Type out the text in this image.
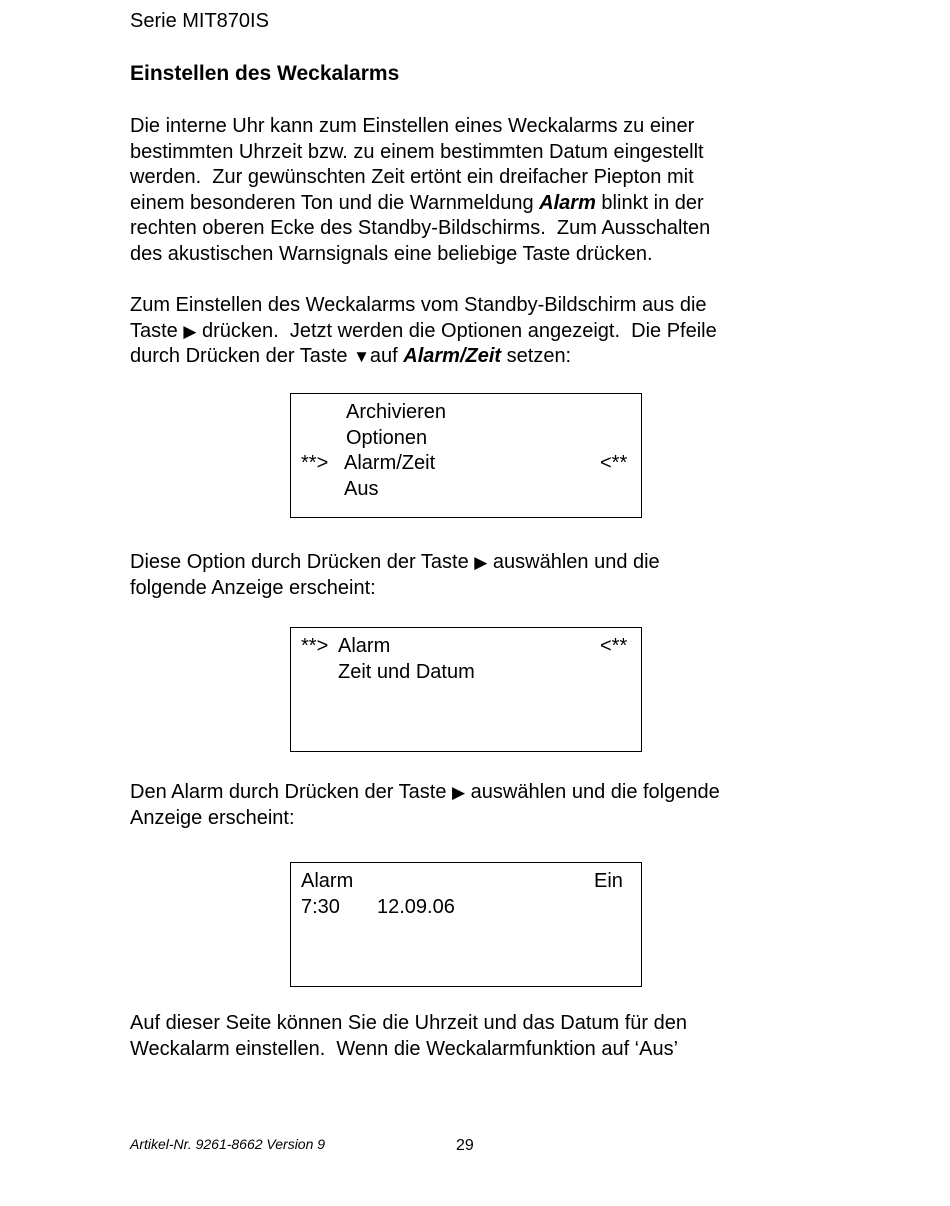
Serie MIT870IS
Einstellen des Weckalarms
Die interne Uhr kann zum Einstellen eines Weckalarms zu einer
bestimmten Uhrzeit bzw. zu einem bestimmten Datum eingestellt
werden.  Zur gewünschten Zeit ertönt ein dreifacher Piepton mit
einem besonderen Ton und die Warnmeldung Alarm blinkt in der
rechten oberen Ecke des Standby-Bildschirms.  Zum Ausschalten
des akustischen Warnsignals eine beliebige Taste drücken.
Zum Einstellen des Weckalarms vom Standby-Bildschirm aus die
Taste ▶ drücken.  Jetzt werden die Optionen angezeigt.  Die Pfeile
durch Drücken der Taste ▼auf Alarm/Zeit setzen:
Archivieren
Optionen
**> Alarm/Zeit	<**
Aus
Diese Option durch Drücken der Taste ▶ auswählen und die
folgende Anzeige erscheint:
**> Alarm	<**
Zeit und Datum
Den Alarm durch Drücken der Taste ▶ auswählen und die folgende
Anzeige erscheint:
Alarm	Ein
7:30 12.09.06
Auf dieser Seite können Sie die Uhrzeit und das Datum für den
Weckalarm einstellen.  Wenn die Weckalarmfunktion auf ‘Aus’
Artikel-Nr. 9261-8662 Version 9	29
